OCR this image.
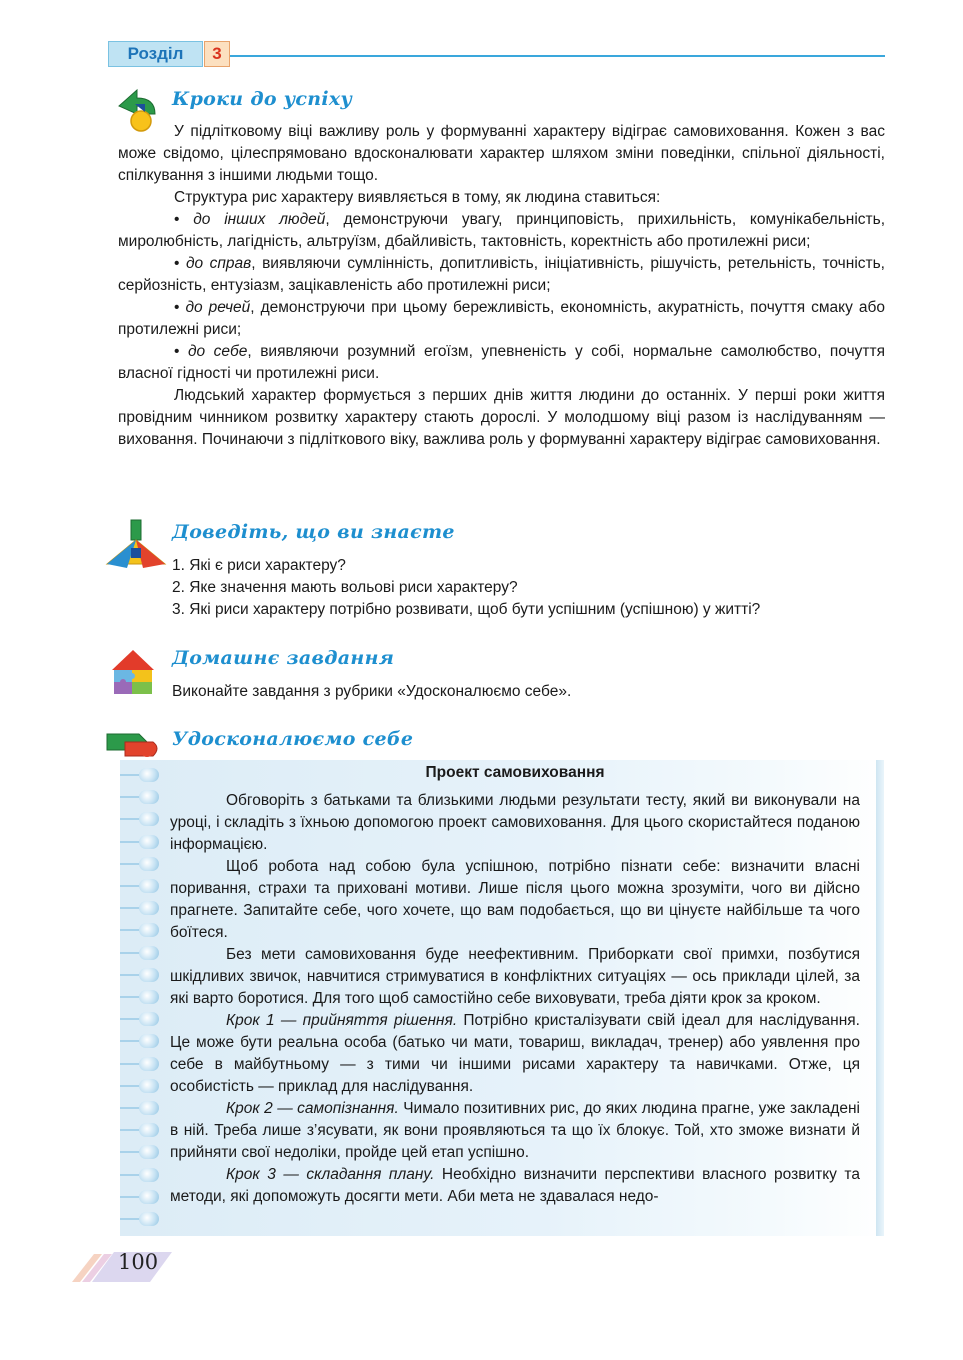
Розділ	3
Кроки до успіху

У підлітковому віці важливу роль у формуванні характеру відіграє самовиховання. Кожен з вас може свідомо, цілеспрямовано вдосконалювати характер шляхом зміни поведінки, спільної діяльності, спілкування з іншими людьми тощо.

Структура рис характеру виявляється в тому, як людина ставиться:

• до інших людей, демонструючи увагу, принциповість, прихильність, комунікабельність, миролюбність, лагідність, альтруїзм, дбайливість, тактовність, коректність або протилежні риси;

• до справ, виявляючи сумлінність, допитливість, ініціативність, рішучість, ретельність, точність, серйозність, ентузіазм, зацікавленість або протилежні риси;

• до речей, демонструючи при цьому бережливість, економність, акуратність, почуття смаку або протилежні риси;

• до себе, виявляючи розумний егоїзм, упевненість у собі, нормальне самолюбство, почуття власної гідності чи протилежні риси.

Людський характер формується з перших днів життя людини до останніх. У перші роки життя провідним чинником розвитку характеру стають дорослі. У молодшому віці разом із наслідуванням — виховання. Починаючи з підліткового віку, важлива роль у формуванні характеру відіграє самовиховання.

Доведіть, що ви знаєте

1. Які є риси характеру?

2. Яке значення мають вольові риси характеру?

3. Які риси характеру потрібно розвивати, щоб бути успішним (успішною) у житті?

Домашнє завдання

Виконайте завдання з рубрики «Удосконалюємо себе».

Удосконалюємо себе
Проект самовиховання

Обговоріть з батьками та близькими людьми результати тесту, який ви виконували на уроці, і складіть з їхньою допомогою проект самовиховання. Для цього скористайтеся поданою інформацією.

Щоб робота над собою була успішною, потрібно пізнати себе: визначити власні поривання, страхи та приховані мотиви. Лише після цього можна зрозуміти, чого ви дійсно прагнете. Запитайте себе, чого хочете, що вам подобається, що ви цінуєте найбільше та чого боїтеся.

Без мети самовиховання буде неефективним. Приборкати свої примхи, позбутися шкідливих звичок, навчитися стримуватися в конфліктних ситуаціях — ось приклади цілей, за які варто боротися. Для того щоб самостійно себе виховувати, треба діяти крок за кроком.

Крок 1 — прийняття рішення. Потрібно кристалізувати свій ідеал для наслідування. Це може бути реальна особа (батько чи мати, товариш, викладач, тренер) або уявлення про себе в майбутньому — з тими чи іншими рисами характеру та навичками. Отже, ця особистість — приклад для наслідування.

Крок 2 — самопізнання. Чимало позитивних рис, до яких людина прагне, уже закладені в ній. Треба лише з’ясувати, як вони проявляються та що їх блокує. Той, хто зможе визнати й прийняти свої недоліки, пройде цей етап успішно.

Крок 3 — складання плану. Необхідно визначити перспективи власного розвитку та методи, які допоможуть досягти мети. Аби мета не здавалася недо-

100
